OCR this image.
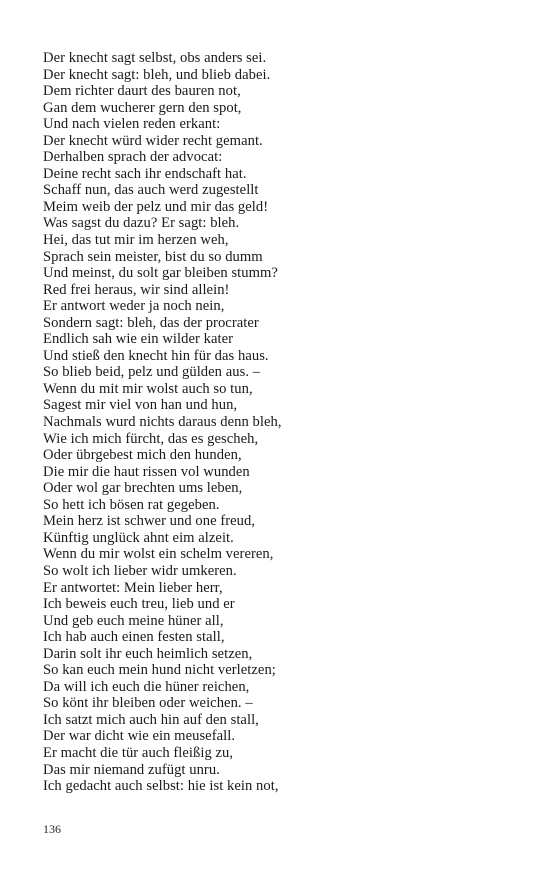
Der knecht sagt selbst, obs anders sei.
Der knecht sagt: bleh, und blieb dabei.
Dem richter daurt des bauren not,
Gan dem wucherer gern den spot,
Und nach vielen reden erkant:
Der knecht würd wider recht gemant.
Derhalben sprach der advocat:
Deine recht sach ihr endschaft hat.
Schaff nun, das auch werd zugestellt
Meim weib der pelz und mir das geld!
Was sagst du dazu? Er sagt: bleh.
Hei, das tut mir im herzen weh,
Sprach sein meister, bist du so dumm
Und meinst, du solt gar bleiben stumm?
Red frei heraus, wir sind allein!
Er antwort weder ja noch nein,
Sondern sagt: bleh, das der procrater
Endlich sah wie ein wilder kater
Und stieß den knecht hin für das haus.
So blieb beid, pelz und gülden aus. –
Wenn du mit mir wolst auch so tun,
Sagest mir viel von han und hun,
Nachmals wurd nichts daraus denn bleh,
Wie ich mich fürcht, das es gescheh,
Oder übrgebest mich den hunden,
Die mir die haut rissen vol wunden
Oder wol gar brechten ums leben,
So hett ich bösen rat gegeben.
Mein herz ist schwer und one freud,
Künftig unglück ahnt eim alzeit.
Wenn du mir wolst ein schelm vereren,
So wolt ich lieber widr umkeren.
Er antwortet: Mein lieber herr,
Ich beweis euch treu, lieb und er
Und geb euch meine hüner all,
Ich hab auch einen festen stall,
Darin solt ihr euch heimlich setzen,
So kan euch mein hund nicht verletzen;
Da will ich euch die hüner reichen,
So könt ihr bleiben oder weichen. –
Ich satzt mich auch hin auf den stall,
Der war dicht wie ein meusefall.
Er macht die tür auch fleißig zu,
Das mir niemand zufügt unru.
Ich gedacht auch selbst: hie ist kein not,
136
